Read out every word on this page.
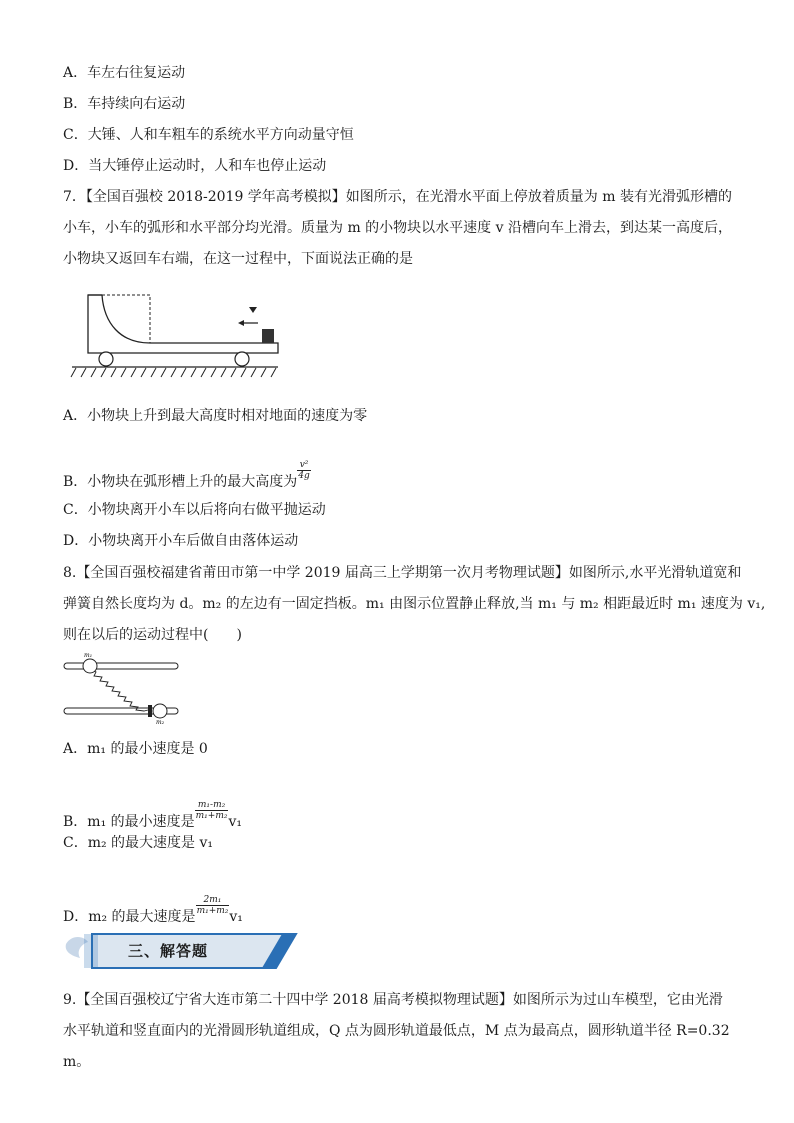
A．车左右往复运动
B．车持续向右运动
C．大锤、人和车粗车的系统水平方向动量守恒
D．当大锤停止运动时，人和车也停止运动
7．【全国百强校 2018-2019 学年高考模拟】如图所示，在光滑水平面上停放着质量为 m 装有光滑弧形槽的小车，小车的弧形和水平部分均光滑。质量为 m 的小物块以水平速度 v 沿槽向车上滑去，到达某一高度后，小物块又返回车右端，在这一过程中，下面说法正确的是
A．小物块上升到最大高度时相对地面的速度为零
B．小物块在弧形槽上升的最大高度为
$\frac{\text{v²}}{4g}$
C．小物块离开小车以后将向右做平抛运动
D．小物块离开小车后做自由落体运动
8.【全国百强校福建省莆田市第一中学 2019 届高三上学期第一次月考物理试题】如图所示,水平光滑轨道宽和
弹簧自然长度均为 d。m₂ 的左边有一固定挡板。m₁ 由图示位置静止释放,当 m₁ 与 m₂ 相距最近时 m₁ 速度为 v₁,
则在以后的运动过程中(　　)
m₁
m₂
A．m₁ 的最小速度是 0
B．m₁ 的最小速度是
$\frac{\text{m₁-m₂}}{\text{m₁+m₂}}$
v₁
C．m₂ 的最大速度是 v₁
D．m₂ 的最大速度是
$\frac{\text{2m₁}}{\text{m₁+m₂}}$
v₁
三、解答题
9.【全国百强校辽宁省大连市第二十四中学 2018 届高考模拟物理试题】如图所示为过山车模型，它由光滑水平轨道和竖直面内的光滑圆形轨道组成，Q 点为圆形轨道最低点，M 点为最高点，圆形轨道半径 R=0.32 m。
